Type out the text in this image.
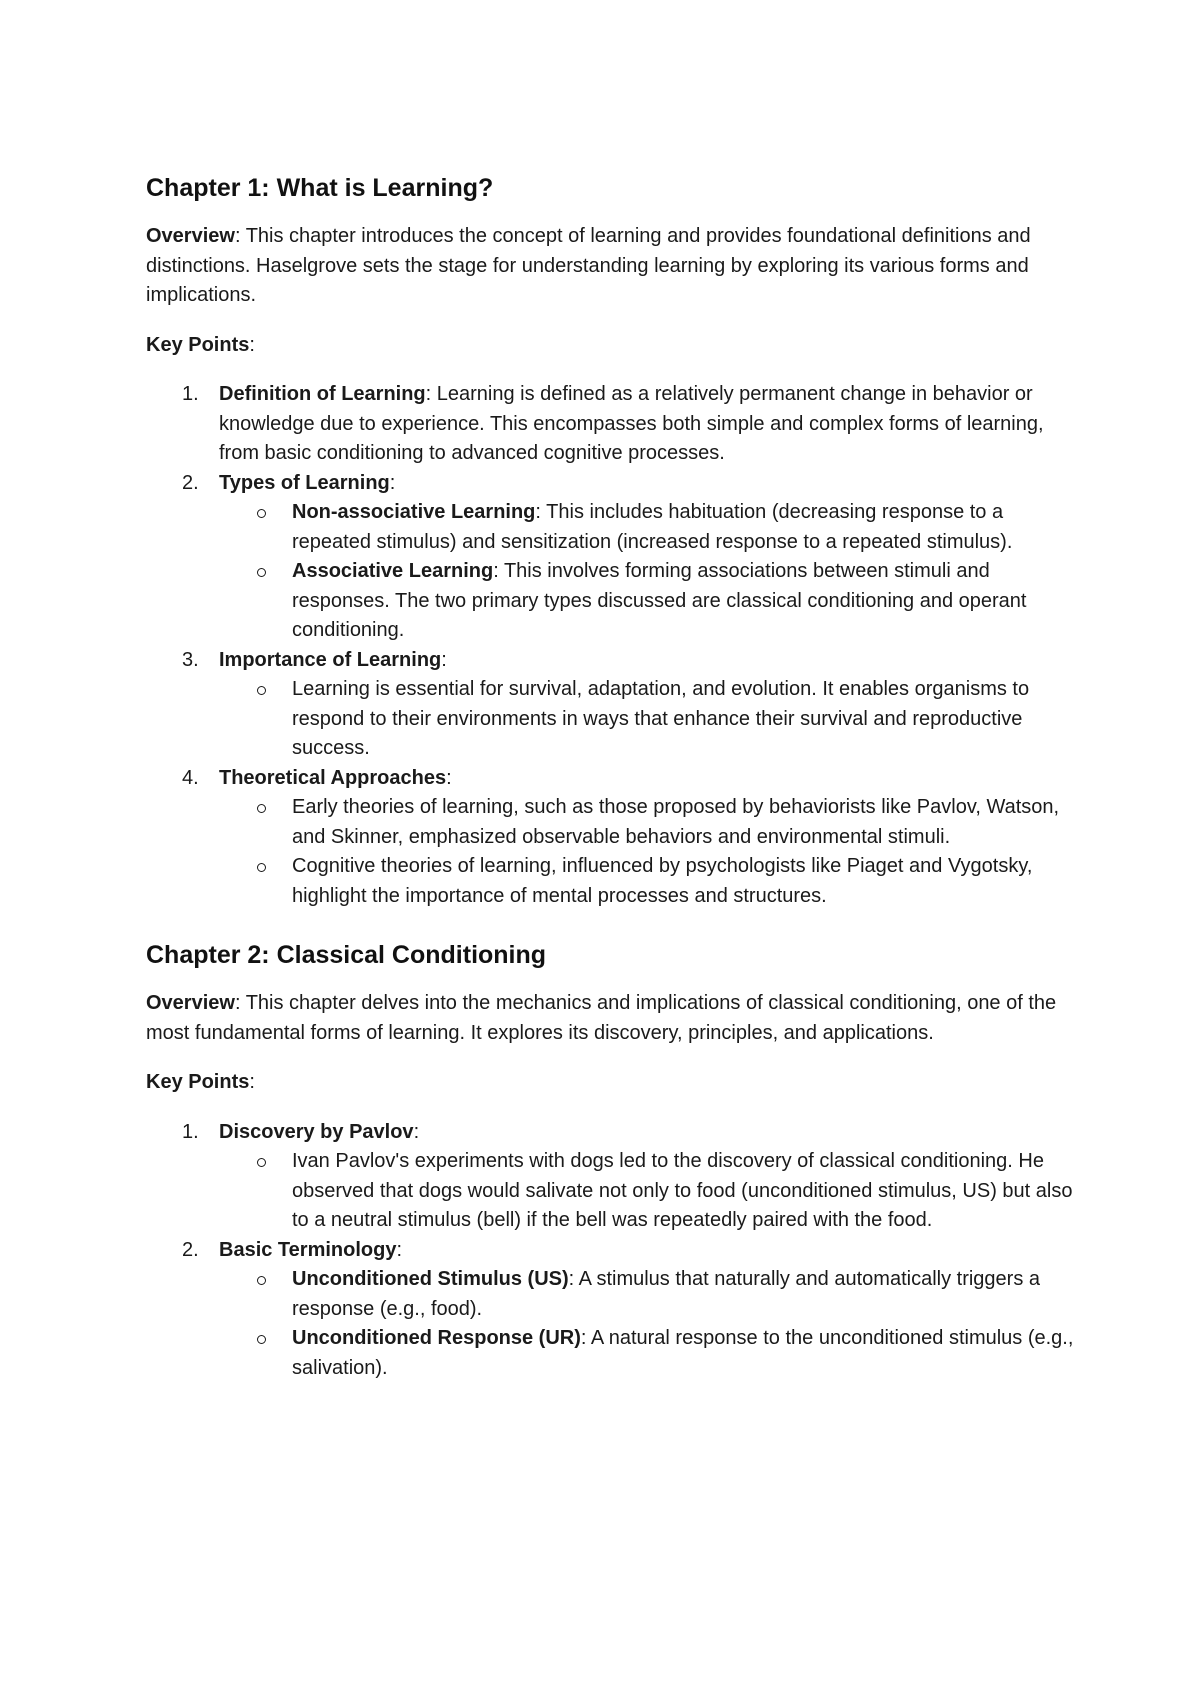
Chapter 1: What is Learning?

Overview: This chapter introduces the concept of learning and provides foundational definitions and distinctions. Haselgrove sets the stage for understanding learning by exploring its various forms and implications.

Key Points:

1. Definition of Learning: Learning is defined as a relatively permanent change in behavior or knowledge due to experience. This encompasses both simple and complex forms of learning, from basic conditioning to advanced cognitive processes.
2. Types of Learning:
Non-associative Learning: This includes habituation (decreasing response to a repeated stimulus) and sensitization (increased response to a repeated stimulus).
Associative Learning: This involves forming associations between stimuli and responses. The two primary types discussed are classical conditioning and operant conditioning.
3. Importance of Learning:
Learning is essential for survival, adaptation, and evolution. It enables organisms to respond to their environments in ways that enhance their survival and reproductive success.
4. Theoretical Approaches:
Early theories of learning, such as those proposed by behaviorists like Pavlov, Watson, and Skinner, emphasized observable behaviors and environmental stimuli.
Cognitive theories of learning, influenced by psychologists like Piaget and Vygotsky, highlight the importance of mental processes and structures.
Chapter 2: Classical Conditioning

Overview: This chapter delves into the mechanics and implications of classical conditioning, one of the most fundamental forms of learning. It explores its discovery, principles, and applications.

Key Points:

1. Discovery by Pavlov:
Ivan Pavlov's experiments with dogs led to the discovery of classical conditioning. He observed that dogs would salivate not only to food (unconditioned stimulus, US) but also to a neutral stimulus (bell) if the bell was repeatedly paired with the food.
2. Basic Terminology:
Unconditioned Stimulus (US): A stimulus that naturally and automatically triggers a response (e.g., food).
Unconditioned Response (UR): A natural response to the unconditioned stimulus (e.g., salivation).
